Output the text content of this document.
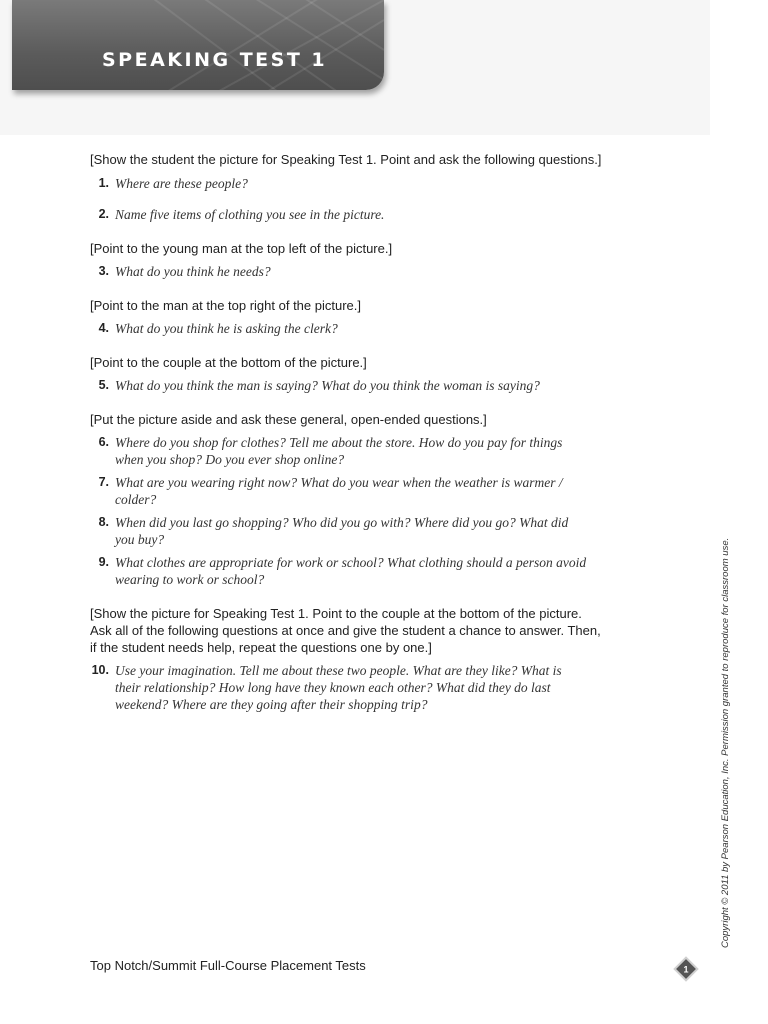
SPEAKING TEST 1
[Show the student the picture for Speaking Test 1. Point and ask the following questions.]
1. Where are these people?
2. Name five items of clothing you see in the picture.
[Point to the young man at the top left of the picture.]
3. What do you think he needs?
[Point to the man at the top right of the picture.]
4. What do you think he is asking the clerk?
[Point to the couple at the bottom of the picture.]
5. What do you think the man is saying? What do you think the woman is saying?
[Put the picture aside and ask these general, open-ended questions.]
6. Where do you shop for clothes? Tell me about the store. How do you pay for things
when you shop? Do you ever shop online?
7. What are you wearing right now? What do you wear when the weather is warmer /
colder?
8. When did you last go shopping? Who did you go with? Where did you go? What did
you buy?
9. What clothes are appropriate for work or school? What clothing should a person avoid
wearing to work or school?
[Show the picture for Speaking Test 1. Point to the couple at the bottom of the picture.
Ask all of the following questions at once and give the student a chance to answer. Then,
if the student needs help, repeat the questions one by one.]
10. Use your imagination. Tell me about these two people. What are they like? What is
their relationship? How long have they known each other? What did they do last
weekend? Where are they going after their shopping trip?	Copyright © 2011 by Pearson Education, Inc. Permission granted to reproduce for classroom use.
Top Notch/Summit Full-Course Placement Tests	1
